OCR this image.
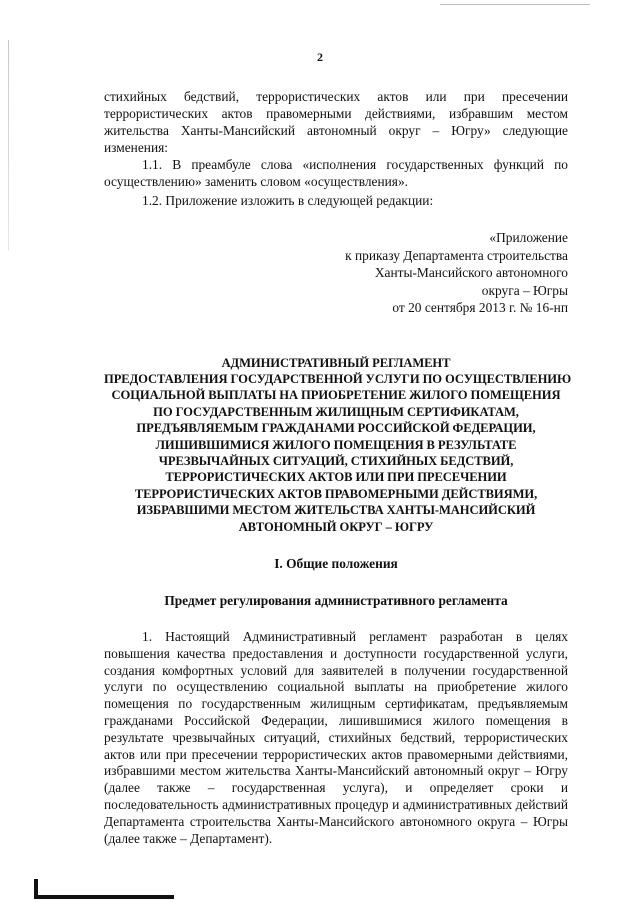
2

стихийных бедствий, террористических актов или при пресечении террористических актов правомерными действиями, избравшим местом жительства Ханты-Мансийский автономный округ – Югру» следующие изменения:

1.1. В преамбуле слова «исполнения государственных функций по осуществлению» заменить словом «осуществления».

1.2. Приложение изложить в следующей редакции:

«Приложение
к приказу Департамента строительства
Ханты-Мансийского автономного
округа – Югры
от 20 сентября 2013 г. № 16-нп
АДМИНИСТРАТИВНЫЙ РЕГЛАМЕНТ
ПРЕДОСТАВЛЕНИЯ ГОСУДАРСТВЕННОЙ УСЛУГИ ПО ОСУЩЕСТВЛЕНИЮ
СОЦИАЛЬНОЙ ВЫПЛАТЫ НА ПРИОБРЕТЕНИЕ ЖИЛОГО ПОМЕЩЕНИЯ
ПО ГОСУДАРСТВЕННЫМ ЖИЛИЩНЫМ СЕРТИФИКАТАМ,
ПРЕДЪЯВЛЯЕМЫМ ГРАЖДАНАМИ РОССИЙСКОЙ ФЕДЕРАЦИИ,
ЛИШИВШИМИСЯ ЖИЛОГО ПОМЕЩЕНИЯ В РЕЗУЛЬТАТЕ
ЧРЕЗВЫЧАЙНЫХ СИТУАЦИЙ, СТИХИЙНЫХ БЕДСТВИЙ,
ТЕРРОРИСТИЧЕСКИХ АКТОВ ИЛИ ПРИ ПРЕСЕЧЕНИИ
ТЕРРОРИСТИЧЕСКИХ АКТОВ ПРАВОМЕРНЫМИ ДЕЙСТВИЯМИ,
ИЗБРАВШИМИ МЕСТОМ ЖИТЕЛЬСТВА ХАНТЫ-МАНСИЙСКИЙ
АВТОНОМНЫЙ ОКРУГ – ЮГРУ
I. Общие положения
Предмет регулирования административного регламента

1. Настоящий Административный регламент разработан в целях повышения качества предоставления и доступности государственной услуги, создания комфортных условий для заявителей в получении государственной услуги по осуществлению социальной выплаты на приобретение жилого помещения по государственным жилищным сертификатам, предъявляемым гражданами Российской Федерации, лишившимися жилого помещения в результате чрезвычайных ситуаций, стихийных бедствий, террористических актов или при пресечении террористических актов правомерными действиями, избравшими местом жительства Ханты-Мансийский автономный округ – Югру (далее также – государственная услуга), и определяет сроки и последовательность административных процедур и административных действий Департамента строительства Ханты-Мансийского автономного округа – Югры (далее также – Департамент).
